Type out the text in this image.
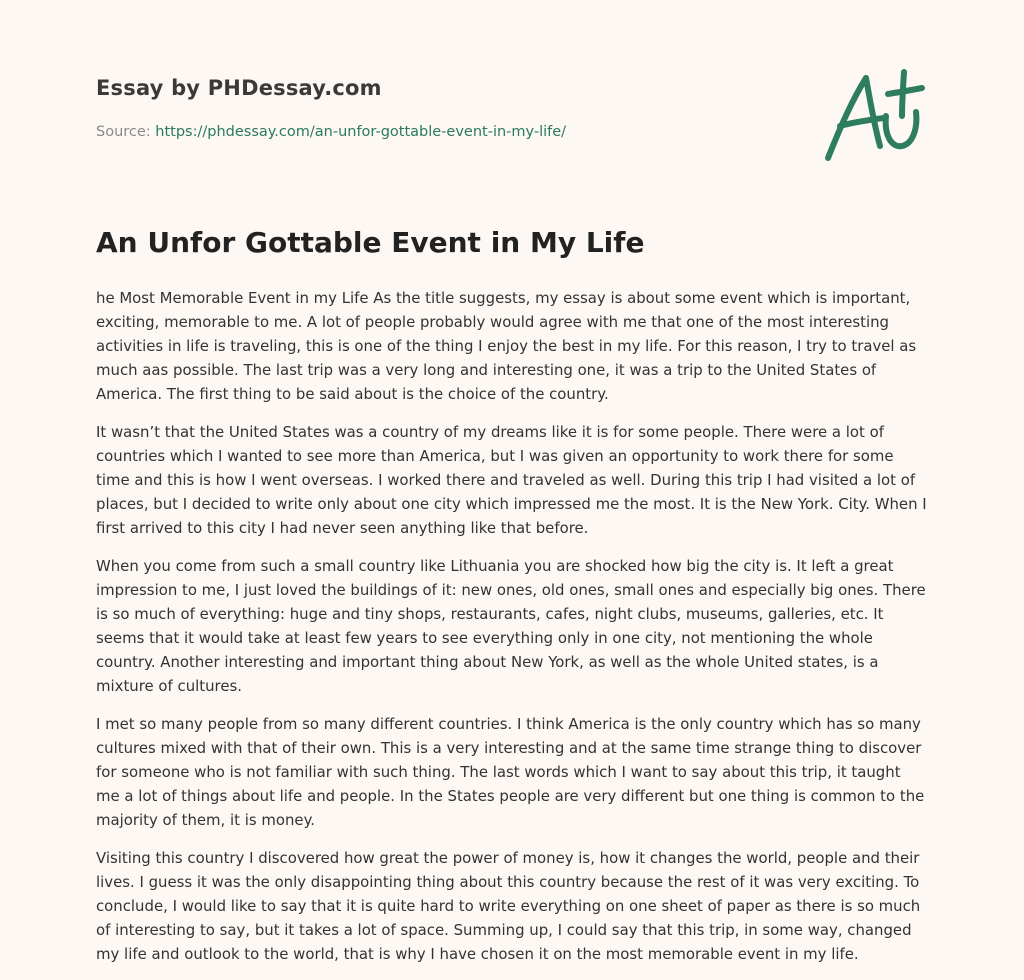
Essay by PHDessay.com
Source: https://phdessay.com/an-unfor-gottable-event-in-my-life/
An Unfor Gottable Event in My Life

he Most Memorable Event in my Life As the title suggests, my essay is about some event which is important, exciting, memorable to me. A lot of people probably would agree with me that one of the most interesting activities in life is traveling, this is one of the thing I enjoy the best in my life. For this reason, I try to travel as much aas possible. The last trip was a very long and interesting one, it was a trip to the United States of America. The first thing to be said about is the choice of the country.

It wasn’t that the United States was a country of my dreams like it is for some people. There were a lot of countries which I wanted to see more than America, but I was given an opportunity to work there for some time and this is how I went overseas. I worked there and traveled as well. During this trip I had visited a lot of places, but I decided to write only about one city which impressed me the most. It is the New York. City. When I first arrived to this city I had never seen anything like that before.

When you come from such a small country like Lithuania you are shocked how big the city is. It left a great impression to me, I just loved the buildings of it: new ones, old ones, small ones and especially big ones. There is so much of everything: huge and tiny shops, restaurants, cafes, night clubs, museums, galleries, etc. It seems that it would take at least few years to see everything only in one city, not mentioning the whole country. Another interesting and important thing about New York, as well as the whole United states, is a mixture of cultures.

I met so many people from so many different countries. I think America is the only country which has so many cultures mixed with that of their own. This is a very interesting and at the same time strange thing to discover for someone who is not familiar with such thing. The last words which I want to say about this trip, it taught me a lot of things about life and people. In the States people are very different but one thing is common to the majority of them, it is money.

Visiting this country I discovered how great the power of money is, how it changes the world, people and their lives. I guess it was the only disappointing thing about this country because the rest of it was very exciting. To conclude, I would like to say that it is quite hard to write everything on one sheet of paper as there is so much of interesting to say, but it takes a lot of space. Summing up, I could say that this trip, in some way, changed my life and outlook to the world, that is why I have chosen it on the most memorable event in my life.
